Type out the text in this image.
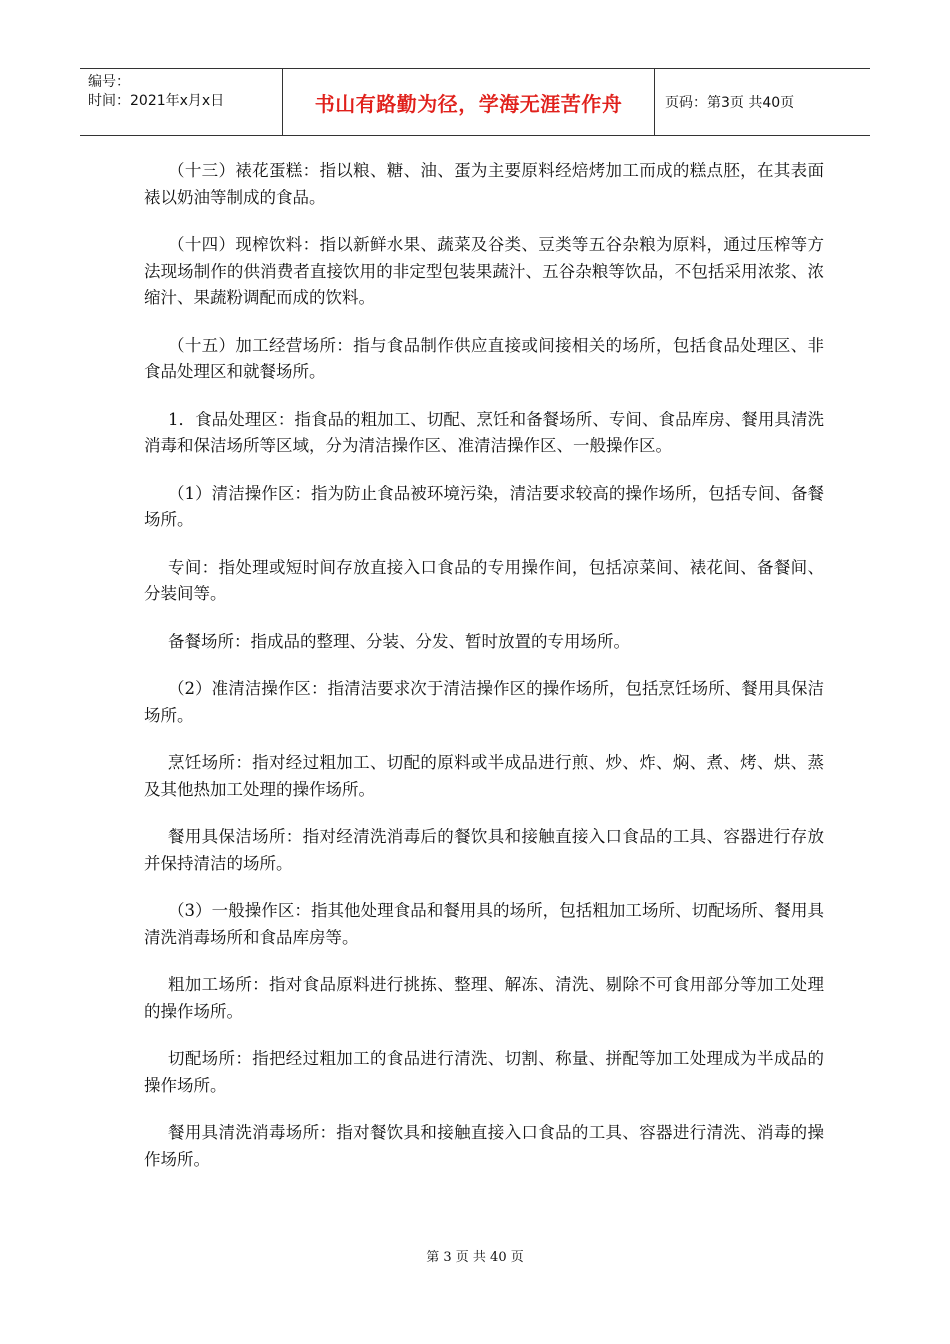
编号：
时间：2021年x月x日	书山有路勤为径，学海无涯苦作舟	页码：第3页 共40页

（十三）裱花蛋糕：指以粮、糖、油、蛋为主要原料经焙烤加工而成的糕点胚，在其表面裱以奶油等制成的食品。

（十四）现榨饮料：指以新鲜水果、蔬菜及谷类、豆类等五谷杂粮为原料，通过压榨等方法现场制作的供消费者直接饮用的非定型包装果蔬汁、五谷杂粮等饮品，不包括采用浓浆、浓缩汁、果蔬粉调配而成的饮料。

（十五）加工经营场所：指与食品制作供应直接或间接相关的场所，包括食品处理区、非食品处理区和就餐场所。

1．食品处理区：指食品的粗加工、切配、烹饪和备餐场所、专间、食品库房、餐用具清洗消毒和保洁场所等区域，分为清洁操作区、准清洁操作区、一般操作区。

（1）清洁操作区：指为防止食品被环境污染，清洁要求较高的操作场所，包括专间、备餐场所。

专间：指处理或短时间存放直接入口食品的专用操作间，包括凉菜间、裱花间、备餐间、分装间等。

备餐场所：指成品的整理、分装、分发、暂时放置的专用场所。

（2）准清洁操作区：指清洁要求次于清洁操作区的操作场所，包括烹饪场所、餐用具保洁场所。

烹饪场所：指对经过粗加工、切配的原料或半成品进行煎、炒、炸、焖、煮、烤、烘、蒸及其他热加工处理的操作场所。

餐用具保洁场所：指对经清洗消毒后的餐饮具和接触直接入口食品的工具、容器进行存放并保持清洁的场所。

（3）一般操作区：指其他处理食品和餐用具的场所，包括粗加工场所、切配场所、餐用具清洗消毒场所和食品库房等。

粗加工场所：指对食品原料进行挑拣、整理、解冻、清洗、剔除不可食用部分等加工处理的操作场所。

切配场所：指把经过粗加工的食品进行清洗、切割、称量、拼配等加工处理成为半成品的操作场所。

餐用具清洗消毒场所：指对餐饮具和接触直接入口食品的工具、容器进行清洗、消毒的操作场所。

第 3 页 共 40 页
